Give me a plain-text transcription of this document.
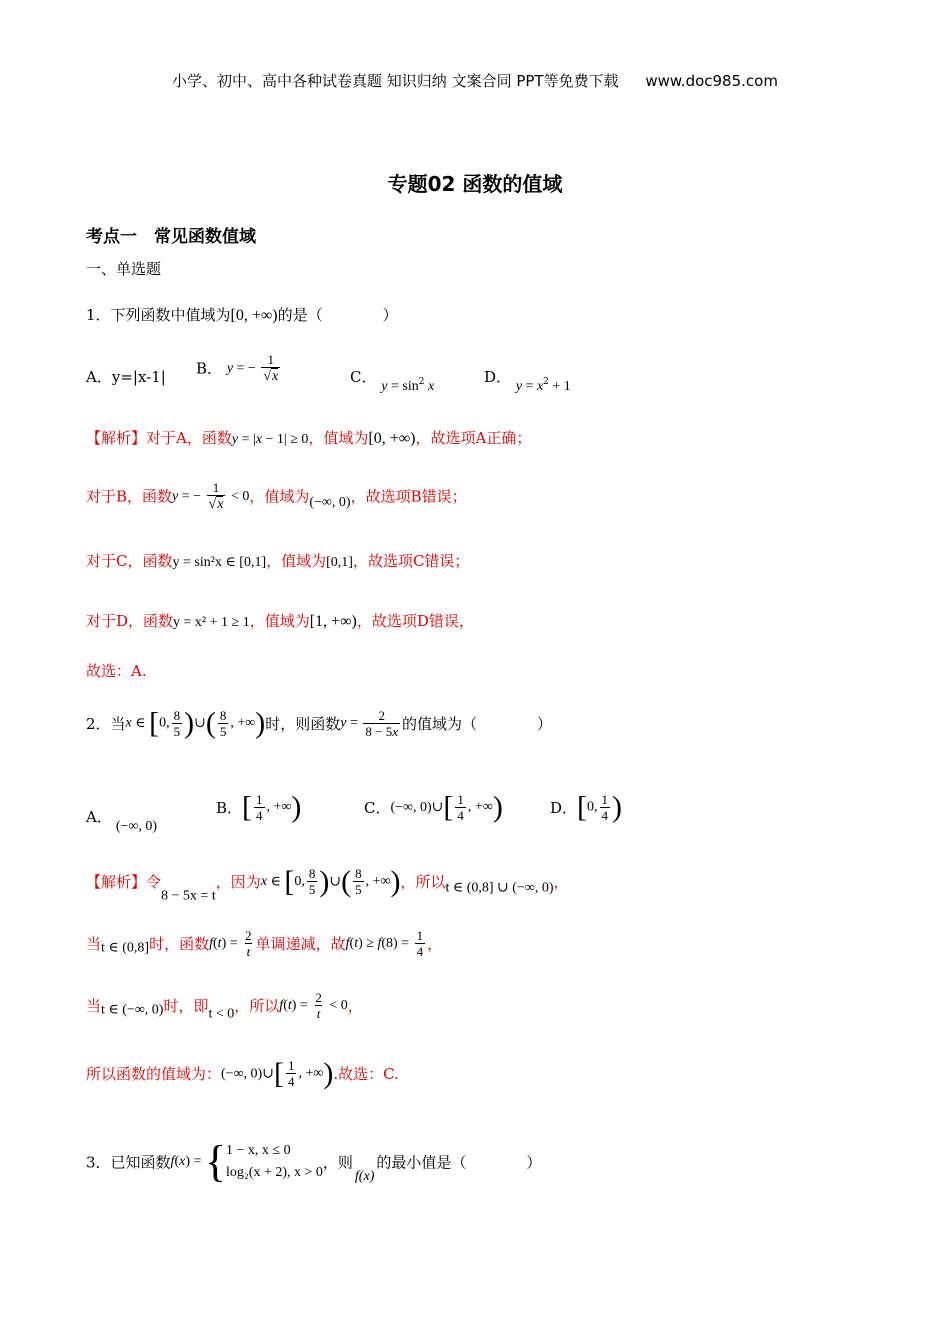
小学、初中、高中各种试卷真题 知识归纳 文案合同 PPT等免费下载 www.doc985.com
专题02 函数的值域
考点一　常见函数值域
一、单选题
1．下列函数中值域为[0, +∞)的是（	）
A．y=|x-1| B． y = − $\frac{1}{√x}$	C． $y = \sin^2 x$
D． $y = x^2 + 1$
【解析】对于A，函数y = |x − 1| ≥ 0，值域为[0, +∞)，故选项A正确；
对于B，函数y = − $\frac{1}{√x} < 0$，值域为(−∞, 0)，故选项B错误；
对于C，函数y = sin²x ∈ [0,1]，值域为[0,1]，故选项C错误；
对于D，函数y = x² + 1 ≥ 1，值域为[1, +∞)，故选项D错误，
故选：A.
2．当x ∈ [0, $\frac{8}{5}$ )∪( $\frac{8}{5}$ , +∞)时，则函数$y = \frac{2}{8 - 5x}$ 的值域为（	）
A．(−∞, 0)
B．[ $\frac{1}{4}$ , +∞)	C．(−∞, 0)∪[ $\frac{1}{4}$ , +∞)	D．[0, $\frac{1}{4}$ )
【解析】令8 − 5x = t，因为x ∈ [0, $\frac{8}{5}$ )∪( $\frac{8}{5}$ , +∞)，所以t ∈ (0,8] ∪ (−∞, 0)，
当t ∈ (0,8]时，函数$f(t) = \frac{2}{t}$ 单调递减，故$f(t) \ge f(8) = \frac{1}{4}$ ，
当t ∈ (−∞, 0)时，即t < 0，所以$f(t) = \frac{2}{t} < 0$，
所以函数的值域为：(−∞, 0)∪[ $\frac{1}{4}$ , +∞).故选：C.
3．已知函数f(x) = { 1 − x, x ≤ 0
log₂(x + 2), x > 0
，则f(x)的最小值是（	）
